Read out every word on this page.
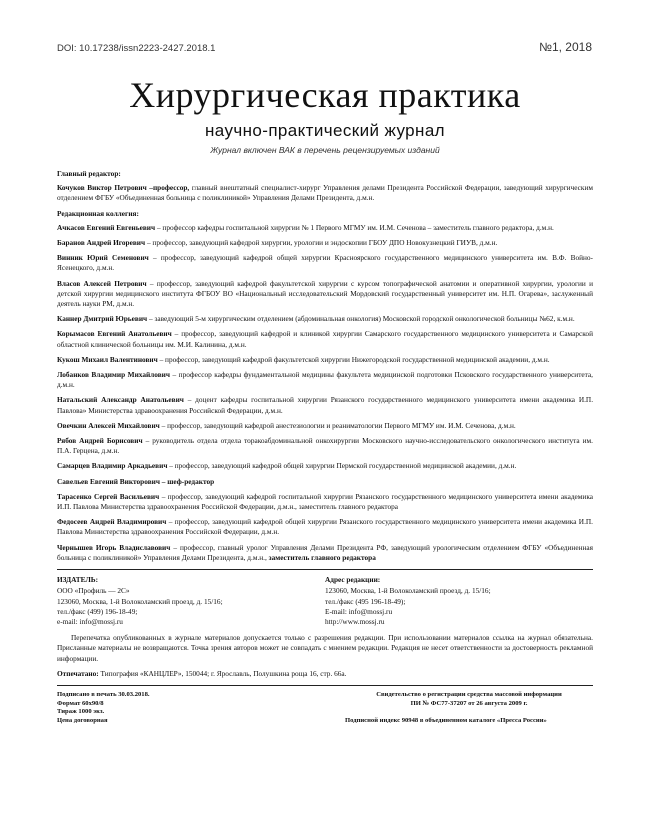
DOI: 10.17238/issn2223-2427.2018.1	№1, 2018
Хирургическая практика
научно-практический журнал
Журнал включен ВАК в перечень рецензируемых изданий
Главный редактор:
Кочуков Виктор Петрович –профессор, главный внештатный специалист-хирург Управления делами Президента Российской Федерации, заведующий хирургическим отделением ФГБУ «Объединенная больница с поликлиникой» Управления Делами Президента, д.м.н.
Редакционная коллегия:
Ачкасов Евгений Евгеньевич – профессор кафедры госпитальной хирургии № 1 Первого МГМУ им. И.М. Сеченова – заместитель главного редактора, д.м.н.
Баранов Андрей Игоревич – профессор, заведующий кафедрой хирургии, урологии и эндоскопии ГБОУ ДПО Новокузнецкий ГИУВ, д.м.н.
Винник Юрий Семенович – профессор, заведующий кафедрой общей хирургии Красноярского государственного медицинского университета им. В.Ф. Войно-Ясенецкого, д.м.н.
Власов Алексей Петрович – профессор, заведующий кафедрой факультетской хирургии с курсом топографической анатомии и оперативной хирургии, урологии и детской хирургии медицинского института ФГБОУ ВО «Национальный исследовательский Мордовский государственный университет им. Н.П. Огарева», заслуженный деятель науки РМ, д.м.н.
Каннер Дмитрий Юрьевич – заведующий 5-м хирургическим отделением (абдоминальная онкология) Московской городской онкологической больницы №62, к.м.н.
Корымасов Евгений Анатольевич – профессор, заведующий кафедрой и клиникой хирургии Самарского государственного медицинского университета и Самарской областной клинической больницы им. М.И. Калинина, д.м.н.
Кукош Михаил Валентинович – профессор, заведующий кафедрой факультетской хирургии Нижегородской государственной медицинской академии, д.м.н.
Лобанков Владимир Михайлович – профессор кафедры фундаментальной медицины факультета медицинской подготовки Псковского государственного университета, д.м.н.
Натальский Александр Анатольевич – доцент кафедры госпитальной хирургии Рязанского государственного медицинского университета имени академика И.П. Павлова» Министерства здравоохранения Российской Федерации, д.м.н.
Овечкин Алексей Михайлович – профессор, заведующий кафедрой анестезиологии и реаниматологии Первого МГМУ им. И.М. Сеченова, д.м.н.
Рябов Андрей Борисович – руководитель отдела отдела торакоабдоминальной онкохирургии Московского научно-исследовательского онкологического института им. П.А. Герцена, д.м.н.
Самарцев Владимир Аркадьевич – профессор, заведующий кафедрой общей хирургии Пермской государственной медицинской академии, д.м.н.
Савельев Евгений Викторович – шеф-редактор
Тарасенко Сергей Васильевич – профессор, заведующий кафедрой госпитальной хирургии Рязанского государственного медицинского университета имени академика И.П. Павлова Министерства здравоохранения Российской Федерации, д.м.н., заместитель главного редактора
Федосеев Андрей Владимирович – профессор, заведующий кафедрой общей хирургии Рязанского государственного медицинского университета имени академика И.П. Павлова Министерства здравоохранения Российской Федерации, д.м.н.
Чернышев Игорь Владиславович – профессор, главный уролог Управления Делами Президента РФ, заведующий урологическим отделением ФГБУ «Объединенная больница с поликлиникой» Управления Делами Президента, д.м.н., заместитель главного редактора
ИЗДАТЕЛЬ:
ООО «Профиль — 2С»
123060, Москва, 1-й Волоколамский проезд, д. 15/16;
тел./факс (499) 196-18-49;
e-mail: info@mossj.ru
Адрес редакции:
123060, Москва, 1-й Волоколамский проезд, д. 15/16;
тел./факс (495 196-18-49);
E-mail: info@mossj.ru
http://www.mossj.ru
Перепечатка опубликованных в журнале материалов допускается только с разрешения редакции. При использовании материалов ссылка на журнал обязательна. Присланные материалы не возвращаются. Точка зрения авторов может не совпадать с мнением редакции. Редакция не несет ответственности за достоверность рекламной информации.
Отпечатано: Типография «КАНЦЛЕР», 150044; г. Ярославль, Полушкина роща 16, стр. 66а.
Подписано в печать 30.03.2018.
Формат 60х90/8
Тираж 1000 экз.
Цена договорная
Свидетельство о регистрации средства массовой информации
ПИ № ФС77-37207 от 26 августа 2009 г.
Подписной индекс 90948 в объединенном каталоге «Пресса России»
